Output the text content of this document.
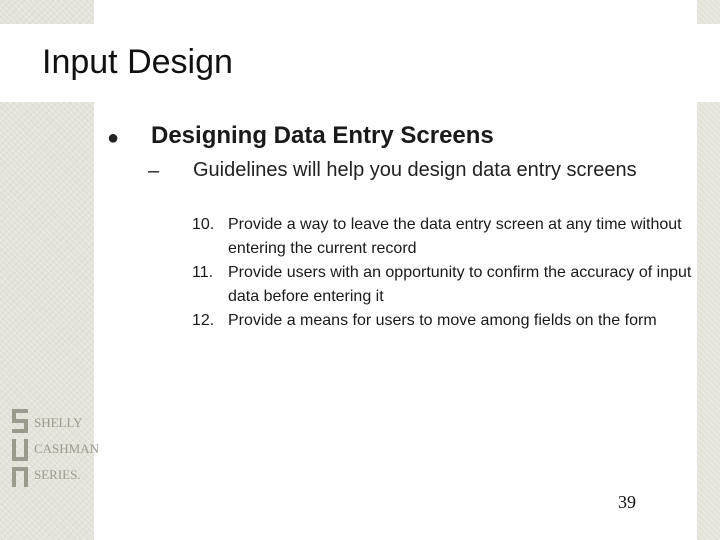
Input Design
● Designing Data Entry Screens
– Guidelines will help you design data entry screens
10. Provide a way to leave the data entry screen at any time without entering the current record
11. Provide users with an opportunity to confirm the accuracy of input data before entering it
12. Provide a means for users to move among fields on the form
SHELLY
CASHMAN
SERIES.
39
